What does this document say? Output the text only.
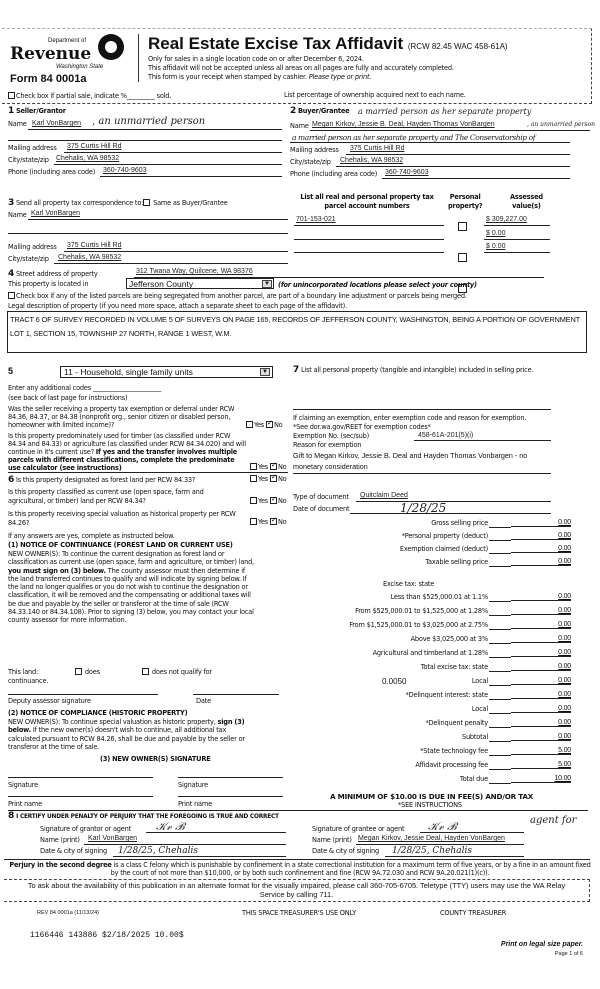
Department of
Revenue
Washington State
Form 84 0001a
Real Estate Excise Tax Affidavit (RCW 82.45 WAC 458-61A)
Only for sales in a single location code on or after December 6, 2024.
This affidavit will not be accepted unless all areas on all pages are fully and accurately completed.
This form is your receipt when stamped by cashier. Please type or print.
Check box if partial sale, indicate %_________ sold.	List percentage of ownership acquired next to each name.
1 Seller/Grantor
Name Karl VonBargen , an unmarried person
Mailing address 375 Curtis Hill Rd
City/state/zip Chehalis, WA 98532
Phone (including area code) 360-740-9603
2 Buyer/Grantee a married person as her separate property
Name Megan Kirkov, Jessie B. Deal, Hayden Thomas VonBargen	, an unmarried person
a married person as her separate property and The Conservatorship of
Mailing address 375 Curtis Hill Rd
City/state/zip Chehalis, WA 98532
Phone (including area code) 360-740-9603
3 Send all property tax correspondence to: Same as Buyer/Grantee
Name Karl VonBargen
Mailing address 375 Curtis Hill Rd
City/state/zip Chehalis, WA 98532
List all real and personal property tax
parcel account numbers
Personal
property?
Assessed
value(s)
701-153-021	$ 309,227.00
$ 0.00
$ 0.00
4 Street address of property	312 Twana Way, Quilcene, WA 98376
This property is located in	Jefferson County	▼	(for unincorporated locations please select your county)
Check box if any of the listed parcels are being segregated from another parcel, are part of a boundary line adjustment or parcels being merged.
Legal description of property (if you need more space, attach a separate sheet to each page of the affidavit).
TRACT 6 OF SURVEY RECORDED IN VOLUME 5 OF SURVEYS ON PAGE 165, RECORDS OF JEFFERSON COUNTY, WASHINGTON, BEING A PORTION OF GOVERNMENT LOT 1, SECTION 15, TOWNSHIP 27 NORTH, RANGE 1 WEST, W.M.
5	11 - Household, single family units	▼
Enter any additional codes ______________________
(see back of last page for instructions)
Was the seller receiving a property tax exemption or deferral under RCW 84.36, 84.37, or 84.38 (nonprofit org., senior citizen or disabled person, homeowner with limited income)?	Yes ✓ No
Is this property predominately used for timber (as classified under RCW 84.34 and 84.33) or agriculture (as classified under RCW 84.34.020) and will continue in it's current use? If yes and the transfer involves multiple parcels with different classifications, complete the predominate use calculator (see instructions)	Yes ✓ No
6 Is this property designated as forest land per RCW 84.33?	Yes ✓ No
Is this property classified as current use (open space, farm and agricultural, or timber) land per RCW 84.34?	Yes ✓ No
Is this property receiving special valuation as historical property per RCW 84.26?	Yes ✓ No
If any answers are yes, complete as instructed below.
(1) NOTICE OF CONTINUANCE (FOREST LAND OR CURRENT USE)
NEW OWNER(S): To continue the current designation as forest land or classification as current use (open space, farm and agriculture, or timber) land, you must sign on (3) below. The county assessor must then determine if the land transferred continues to qualify and will indicate by signing below. If the land no longer qualifies or you do not wish to continue the designation or classification, it will be removed and the compensating or additional taxes will be due and payable by the seller or transferor at the time of sale (RCW 84.33.140 or 84.34.108). Prior to signing (3) below, you may contact your local county assessor for more information.
This land:	does	does not qualify for
continuance.
Deputy assessor signature	Date
(2) NOTICE OF COMPLIANCE (HISTORIC PROPERTY)
NEW OWNER(S): To continue special valuation as historic property, sign (3) below. If the new owner(s) doesn't wish to continue, all additional tax calculated pursuant to RCW 84.26, shall be due and payable by the seller or transferor at the time of sale.
(3) NEW OWNER(S) SIGNATURE
Signature	Signature
Print name	Print name
7 List all personal property (tangible and intangible) included in selling price.
If claiming an exemption, enter exemption code and reason for exemption. *See dor.wa.gov/REET for exemption codes*
Exemption No. (sec/sub)	458-61A-201(5)(i)
Reason for exemption
Gift to Megan Kirkov, Jessie B. Deal and Hayden Thomas Vonbargen - no monetary consideration
Type of document Quitclaim Deed
Date of document	1/28/25
Gross selling price	0.00
*Personal property (deduct)	0.00
Exemption claimed (deduct)	0.00
Taxable selling price	0.00
Less than $525,000.01 at 1.1%	0.00
From $525,000.01 to $1,525,000 at 1.28%	0.00
From $1,525,000.01 to $3,025,000 at 2.75%	0.00
Above $3,025,000 at 3%	0.00
Agricultural and timberland at 1.28%	0.00
Total excise tax: state	0.00
Local	0.00
*Delinquent interest: state	0.00
Local	0.00
*Delinquent penalty	0.00
Subtotal	0.00
*State technology fee	5.00
Affidavit processing fee	5.00
Total due	10.00
Excise tax: state
0.0050
A MINIMUM OF $10.00 IS DUE IN FEE(S) AND/OR TAX
*SEE INSTRUCTIONS
8 I CERTIFY UNDER PENALTY OF PERJURY THAT THE FOREGOING IS TRUE AND CORRECT
Signature of grantor or agent 𝒦𝓋 ℬ
Name (print) Karl VonBargen
Date & city of signing 1/28/25, Chehalis
Signature of grantee or agent 𝒦𝓋 ℬ	agent for
Name (print) Megan Kirkov, Jessie Deal, Hayden VonBargen
Date & city of signing 1/28/25, Chehalis
Perjury in the second degree is a class C felony which is punishable by confinement in a state correctional institution for a maximum term of five years, or by a fine in an amount fixed by the court of not more than $10,000, or by both such confinement and fine (RCW 9A.72.030 and RCW 9A.20.021(1)(c)).
To ask about the availability of this publication in an alternate format for the visually impaired, please call 360-705-6705. Teletype (TTY) users may use the WA Relay Service by calling 711.
REV 84 0001a (11/13/24)	THIS SPACE TREASURER'S USE ONLY	COUNTY TREASURER
1166446 143886 $2/18/2025 10.00$
Print on legal size paper.
Page 1 of 6
